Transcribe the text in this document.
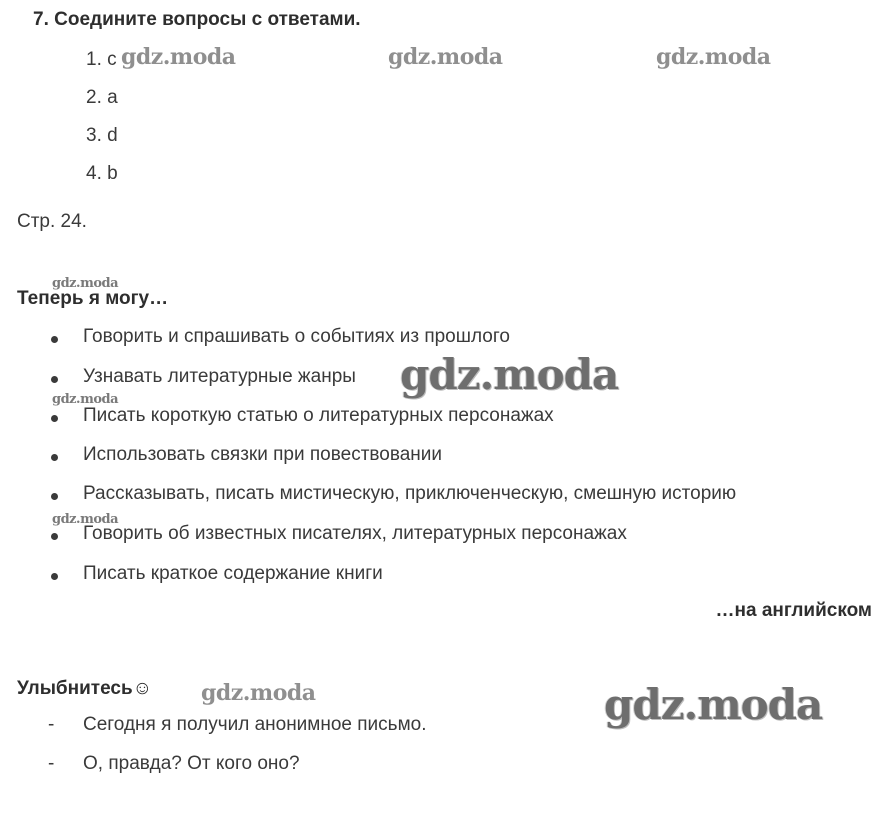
7. Соедините вопросы с ответами.
1. c
2. a
3. d
4. b
Стр. 24.
Теперь я могу…
Говорить и спрашивать о событиях из прошлого
Узнавать литературные жанры
Писать короткую статью о литературных персонажах
Использовать связки при повествовании
Рассказывать, писать мистическую, приключенческую, смешную историю
Говорить об известных писателях, литературных персонажах
Писать краткое содержание книги
…на английском
Улыбнитесь☺
- Сегодня я получил анонимное письмо.
- О, правда? От кого оно?
gdz.moda	gdz.moda	gdz.moda
gdz.moda
gdz.moda
gdz.moda
gdz.moda
gdz.moda	gdz.moda
